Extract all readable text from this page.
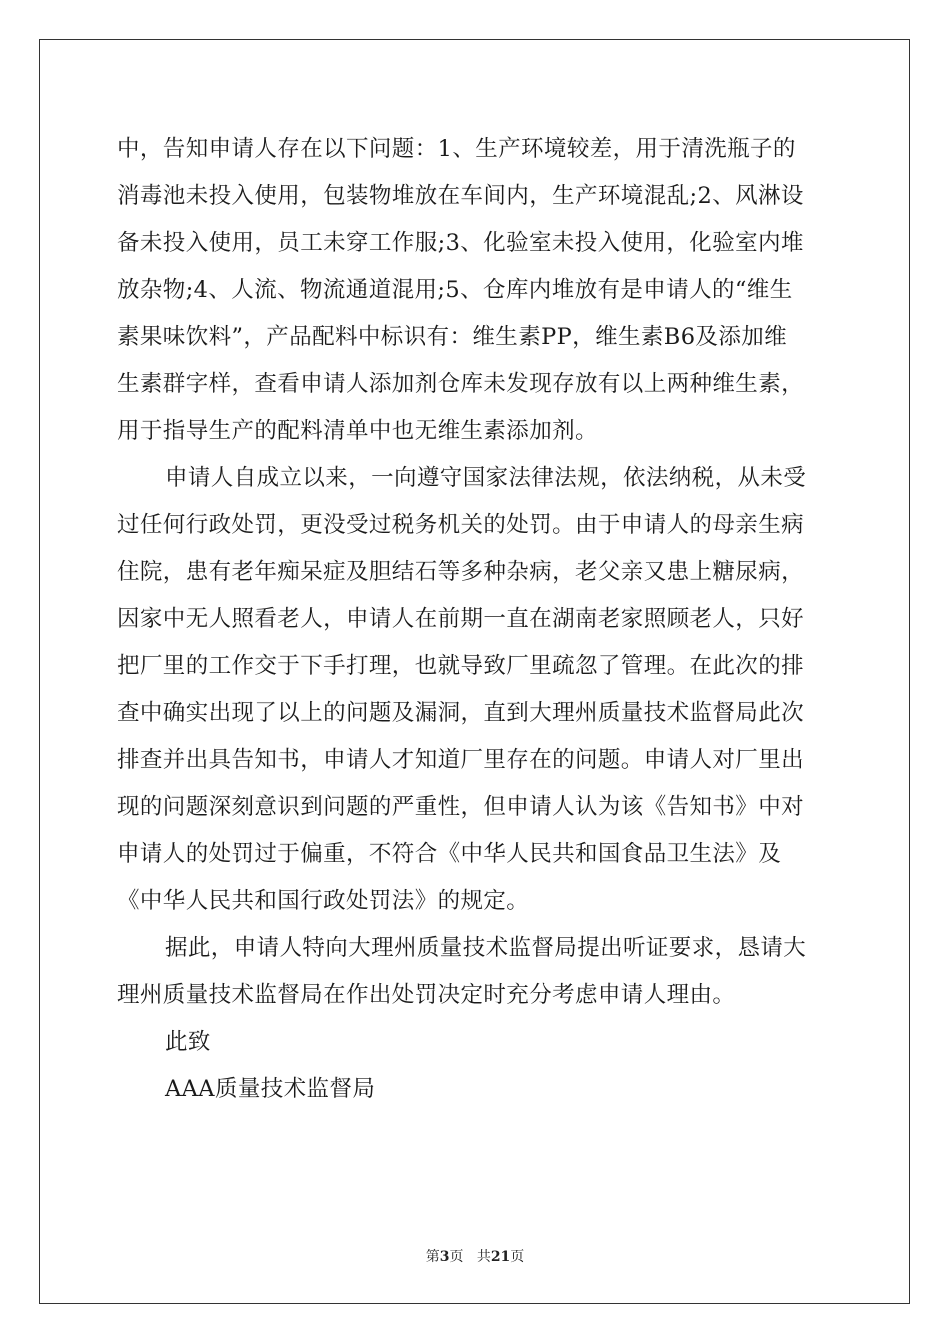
中，告知申请人存在以下问题：1、生产环境较差，用于清洗瓶子的
消毒池未投入使用，包装物堆放在车间内，生产环境混乱;2、风淋设
备未投入使用，员工未穿工作服;3、化验室未投入使用，化验室内堆
放杂物;4、人流、物流通道混用;5、仓库内堆放有是申请人的“维生
素果味饮料”，产品配料中标识有：维生素PP，维生素B6及添加维
生素群字样，查看申请人添加剂仓库未发现存放有以上两种维生素，
用于指导生产的配料清单中也无维生素添加剂。
申请人自成立以来，一向遵守国家法律法规，依法纳税，从未受
过任何行政处罚，更没受过税务机关的处罚。由于申请人的母亲生病
住院，患有老年痴呆症及胆结石等多种杂病，老父亲又患上糖尿病，
因家中无人照看老人，申请人在前期一直在湖南老家照顾老人，只好
把厂里的工作交于下手打理，也就导致厂里疏忽了管理。在此次的排
查中确实出现了以上的问题及漏洞，直到大理州质量技术监督局此次
排查并出具告知书，申请人才知道厂里存在的问题。申请人对厂里出
现的问题深刻意识到问题的严重性，但申请人认为该《告知书》中对
申请人的处罚过于偏重，不符合《中华人民共和国食品卫生法》及
《中华人民共和国行政处罚法》的规定。
据此，申请人特向大理州质量技术监督局提出听证要求，恳请大
理州质量技术监督局在作出处罚决定时充分考虑申请人理由。
此致
AAA质量技术监督局
第3页 共21页
